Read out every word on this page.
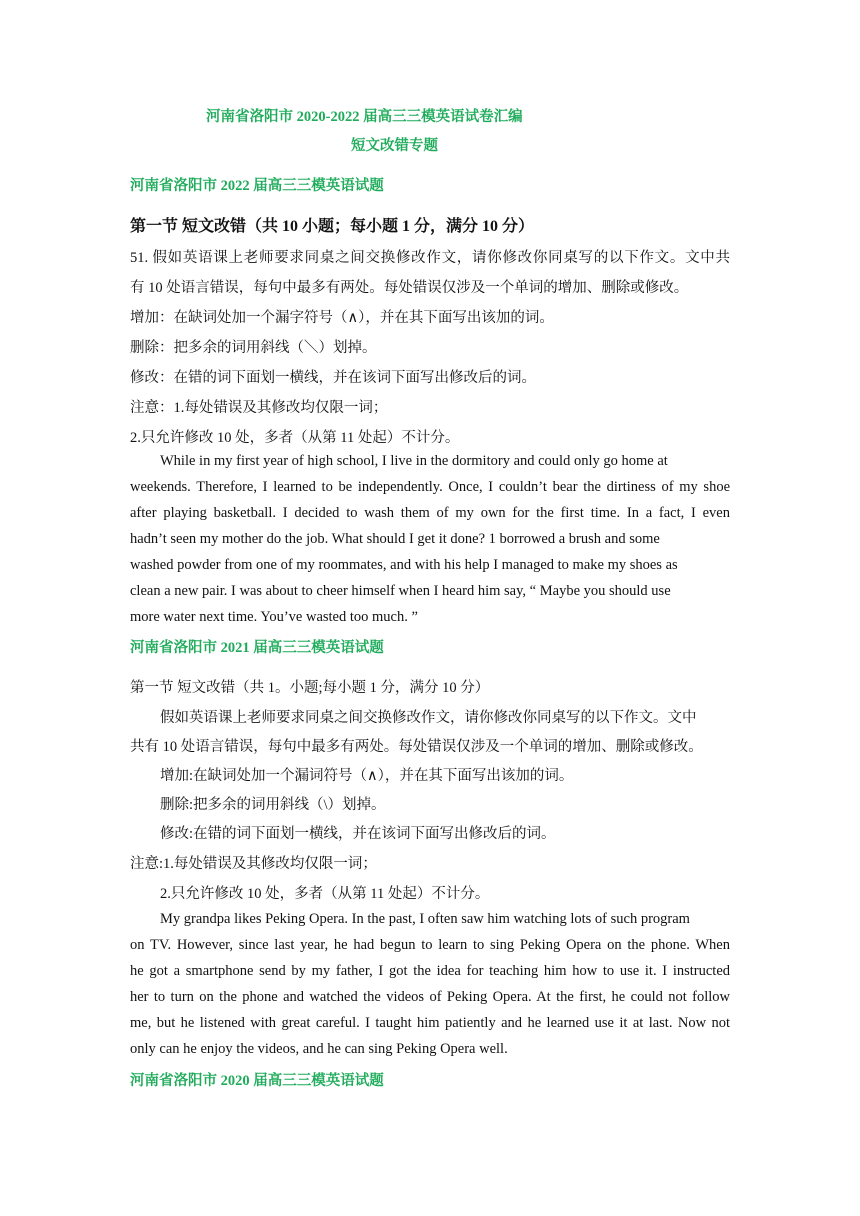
河南省洛阳市 2020-2022 届高三三模英语试卷汇编
短文改错专题
河南省洛阳市 2022 届高三三模英语试题
第一节 短文改错（共 10 小题；每小题 1 分，满分 10 分）
51. 假如英语课上老师要求同桌之间交换修改作文，请你修改你同桌写的以下作文。文中共
有 10 处语言错误，每句中最多有两处。每处错误仅涉及一个单词的增加、删除或修改。
增加：在缺词处加一个漏字符号（∧），并在其下面写出该加的词。
删除：把多余的词用斜线（＼）划掉。
修改：在错的词下面划一横线，并在该词下面写出修改后的词。
注意：1.每处错误及其修改均仅限一词；
2.只允许修改 10 处，多者（从第 11 处起）不计分。
While in my first year of high school, I live in the dormitory and could only go home at
weekends. Therefore, I learned to be independently. Once, I couldn’t bear the dirtiness of my shoe
after playing basketball. I decided to wash them of my own for the first time. In a fact, I even
hadn’t seen my mother do the job. What should I get it done? 1 borrowed a brush and some
washed powder from one of my roommates, and with his help I managed to make my shoes as
clean a new pair. I was about to cheer himself when I heard him say, “ Maybe you should use
more water next time. You’ve wasted too much. ”
河南省洛阳市 2021 届高三三模英语试题
第一节 短文改错（共 1。小题;每小题 1 分，满分 10 分）
假如英语课上老师要求同桌之间交换修改作文，请你修改你同桌写的以下作文。文中
共有 10 处语言错误，每句中最多有两处。每处错误仅涉及一个单词的增加、删除或修改。
增加:在缺词处加一个漏词符号（∧），并在其下面写出该加的词。
删除:把多余的词用斜线（\）划掉。
修改:在错的词下面划一横线，并在该词下面写出修改后的词。
注意:1.每处错误及其修改均仅限一词；
2.只允许修改 10 处，多者（从第 11 处起）不计分。
My grandpa likes Peking Opera. In the past, I often saw him watching lots of such program
on TV. However, since last year, he had begun to learn to sing Peking Opera on the phone. When
he got a smartphone send by my father, I got the idea for teaching him how to use it. I instructed
her to turn on the phone and watched the videos of Peking Opera. At the first, he could not follow
me, but he listened with great careful. I taught him patiently and he learned use it at last. Now not
only can he enjoy the videos, and he can sing Peking Opera well.
河南省洛阳市 2020 届高三三模英语试题
